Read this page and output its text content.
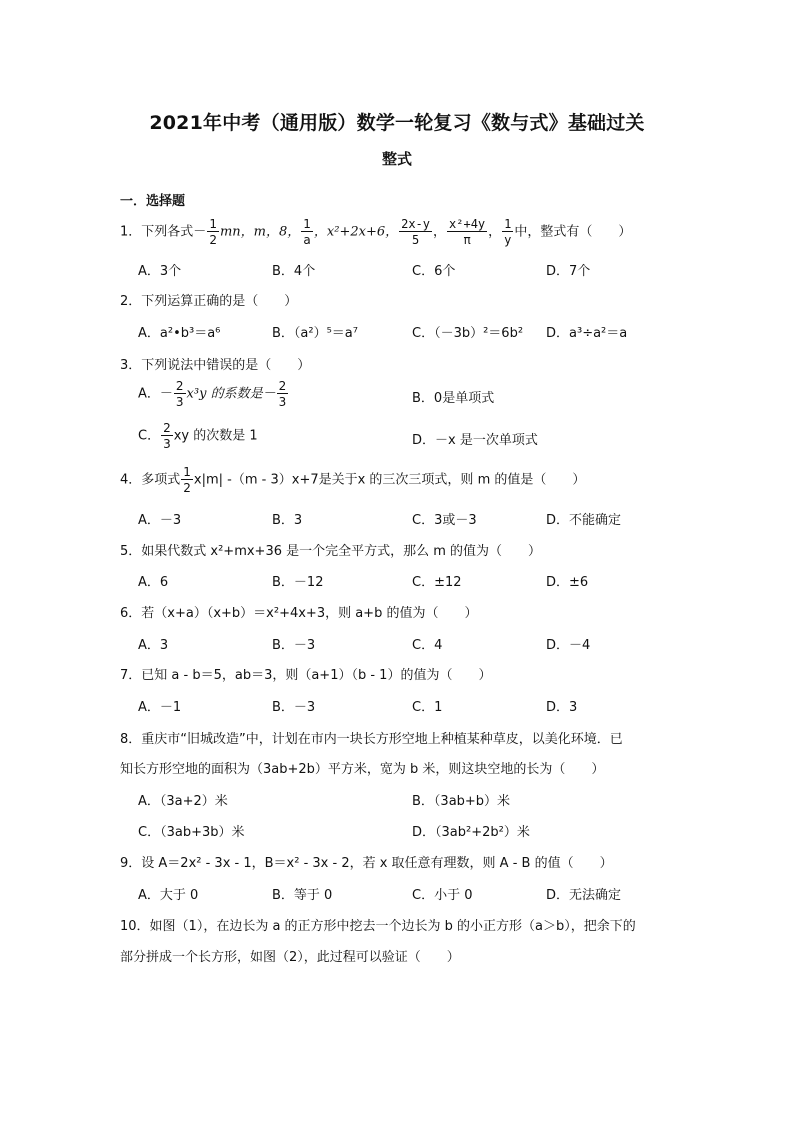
2021年中考（通用版）数学一轮复习《数与式》基础过关
整式
一．选择题
1．下列各式－ $\frac{1}{2}$ mn，m，8， $\frac{1}{a}$ ，x²+2x+6， $\frac{2x-y}{5}$ ， $\frac{\text{x²+4y}}{\pi}$ ， $\frac{1}{y}$ 中，整式有（　　）
A．3个	B．4个	C．6个	D．7个
2．下列运算正确的是（　　）
A．a²•b³＝a⁶	B．（a²）⁵＝a⁷	C．（－3b）²＝6b² D．a³÷a²＝a
3．下列说法中错误的是（　　）
A．－ $\frac{2}{3} x^3y$ 的系数是－ $\frac{2}{3}$	B．0是单项式
C． $\frac{2}{3}$ xy 的次数是 1	D．－x 是一次单项式
4．多项式 $\frac{1}{2} x|m|$ -（m - 3）x+7是关于x 的三次三项式，则 m 的值是（　　）
A．－3	B．3	C．3或－3	D．不能确定
5．如果代数式 x²+mx+36 是一个完全平方式，那么 m 的值为（　　）
A．6	B．－12	C．±12	D．±6
6．若（x+a）（x+b）＝x²+4x+3，则 a+b 的值为（　　）
A．3	B．－3	C．4	D．－4
7．已知 a - b＝5，ab＝3，则（a+1）（b - 1）的值为（　　）
A．－1	B．－3	C．1	D．3
8．重庆市“旧城改造”中，计划在市内一块长方形空地上种植某种草皮，以美化环境．已
知长方形空地的面积为（3ab+2b）平方米，宽为 b 米，则这块空地的长为（　　）
A．（3a+2）米	B．（3ab+b）米
C．（3ab+3b）米	D．（3ab²+2b²）米
9．设 A＝2x² - 3x - 1，B＝x² - 3x - 2，若 x 取任意有理数，则 A - B 的值（　　）
A．大于 0	B．等于 0	C．小于 0	D．无法确定
10．如图（1），在边长为 a 的正方形中挖去一个边长为 b 的小正方形（a＞b），把余下的
部分拼成一个长方形，如图（2），此过程可以验证（　　）
